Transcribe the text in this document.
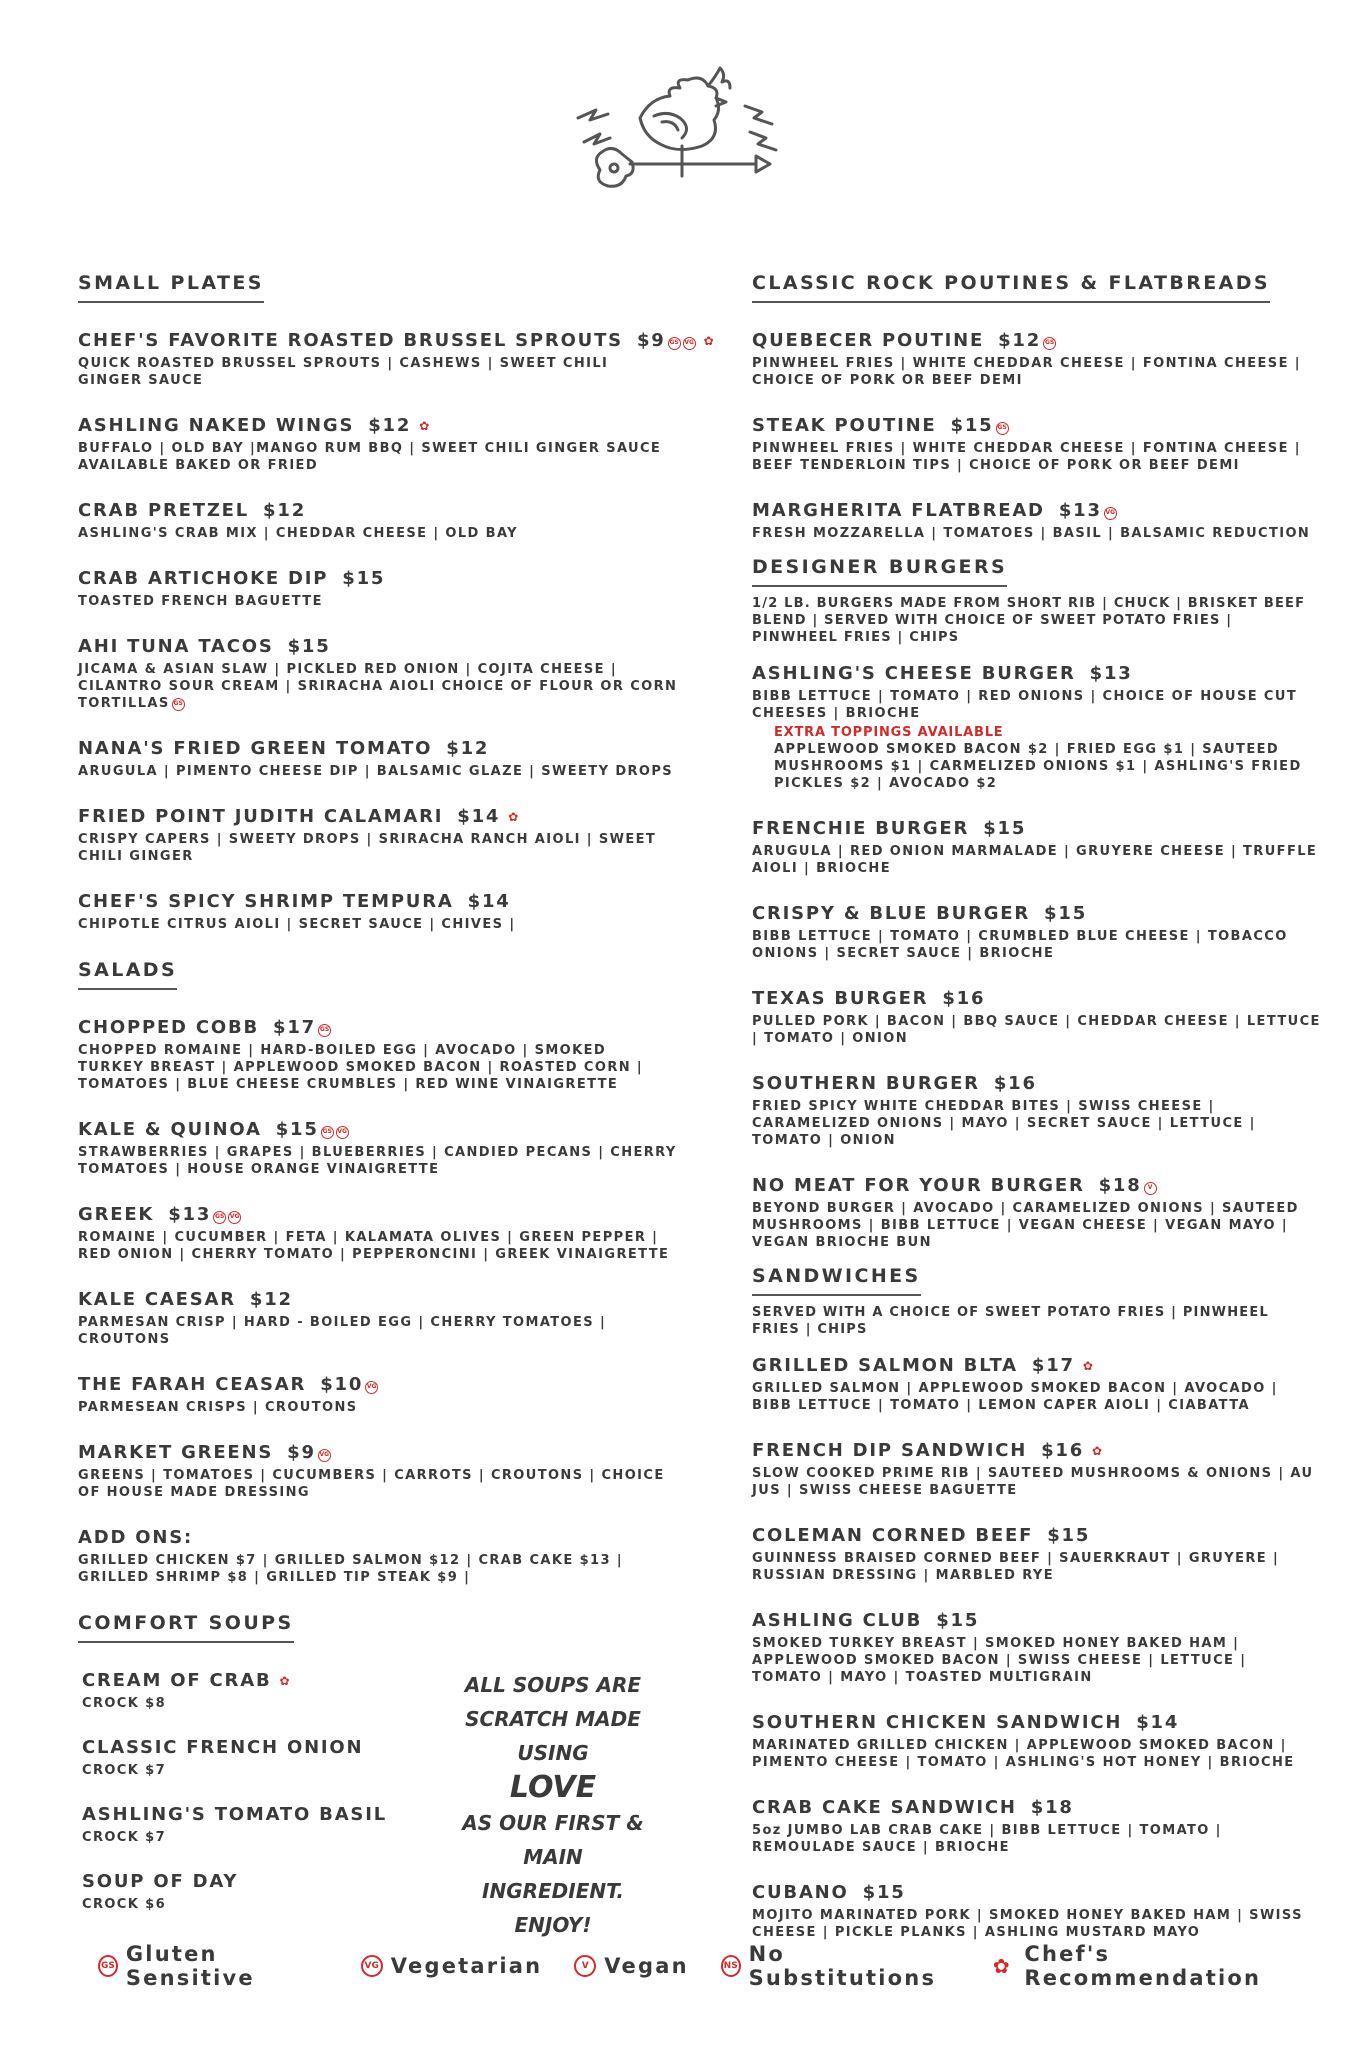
SMALL PLATES
CHEF'S FAVORITE ROASTED BRUSSEL SPROUTS $9 GS VG ✿
QUICK ROASTED BRUSSEL SPROUTS | CASHEWS | SWEET CHILI GINGER SAUCE
ASHLING NAKED WINGS $12 ✿
BUFFALO | OLD BAY |MANGO RUM BBQ | SWEET CHILI GINGER SAUCE AVAILABLE BAKED OR FRIED
CRAB PRETZEL $12
ASHLING'S CRAB MIX | CHEDDAR CHEESE | OLD BAY
CRAB ARTICHOKE DIP $15
TOASTED FRENCH BAGUETTE
AHI TUNA TACOS $15
JICAMA & ASIAN SLAW | PICKLED RED ONION | COJITA CHEESE | CILANTRO SOUR CREAM | SRIRACHA AIOLI CHOICE OF FLOUR OR CORN TORTILLAS GS
NANA'S FRIED GREEN TOMATO $12
ARUGULA | PIMENTO CHEESE DIP | BALSAMIC GLAZE | SWEETY DROPS
FRIED POINT JUDITH CALAMARI $14 ✿
CRISPY CAPERS | SWEETY DROPS | SRIRACHA RANCH AIOLI | SWEET CHILI GINGER
CHEF'S SPICY SHRIMP TEMPURA $14
CHIPOTLE CITRUS AIOLI | SECRET SAUCE | CHIVES |
SALADS
CHOPPED COBB $17 GS
CHOPPED ROMAINE | HARD-BOILED EGG | AVOCADO | SMOKED TURKEY BREAST | APPLEWOOD SMOKED BACON | ROASTED CORN | TOMATOES | BLUE CHEESE CRUMBLES | RED WINE VINAIGRETTE
KALE & QUINOA $15 GS VG
STRAWBERRIES | GRAPES | BLUEBERRIES | CANDIED PECANS | CHERRY TOMATOES | HOUSE ORANGE VINAIGRETTE
GREEK $13 GS VG
ROMAINE | CUCUMBER | FETA | KALAMATA OLIVES | GREEN PEPPER | RED ONION | CHERRY TOMATO | PEPPERONCINI | GREEK VINAIGRETTE
KALE CAESAR $12
PARMESAN CRISP | HARD - BOILED EGG | CHERRY TOMATOES | CROUTONS
THE FARAH CEASAR $10 VG
PARMESEAN CRISPS | CROUTONS
MARKET GREENS $9 VG
GREENS | TOMATOES | CUCUMBERS | CARROTS | CROUTONS | CHOICE OF HOUSE MADE DRESSING
ADD ONS:
GRILLED CHICKEN $7 | GRILLED SALMON $12 | CRAB CAKE $13 | GRILLED SHRIMP $8 | GRILLED TIP STEAK $9 |
COMFORT SOUPS
CREAM OF CRAB ✿
CROCK $8
CLASSIC FRENCH ONION
CROCK $7
ASHLING'S TOMATO BASIL
CROCK $7
SOUP OF DAY
CROCK $6
ALL SOUPS ARE
SCRATCH MADE USING
LOVE
AS OUR FIRST & MAIN
INGREDIENT.
ENJOY!
CLASSIC ROCK POUTINES & FLATBREADS
QUEBECER POUTINE $12 GS
PINWHEEL FRIES | WHITE CHEDDAR CHEESE | FONTINA CHEESE | CHOICE OF PORK OR BEEF DEMI
STEAK POUTINE $15 GS
PINWHEEL FRIES | WHITE CHEDDAR CHEESE | FONTINA CHEESE | BEEF TENDERLOIN TIPS | CHOICE OF PORK OR BEEF DEMI
MARGHERITA FLATBREAD $13 VG
FRESH MOZZARELLA | TOMATOES | BASIL | BALSAMIC REDUCTION
DESIGNER BURGERS
1/2 LB. BURGERS MADE FROM SHORT RIB | CHUCK | BRISKET BEEF BLEND | SERVED WITH CHOICE OF SWEET POTATO FRIES | PINWHEEL FRIES | CHIPS
ASHLING'S CHEESE BURGER $13
BIBB LETTUCE | TOMATO | RED ONIONS | CHOICE OF HOUSE CUT CHEESES | BRIOCHE
EXTRA TOPPINGS AVAILABLE
APPLEWOOD SMOKED BACON $2 | FRIED EGG $1 | SAUTEED MUSHROOMS $1 | CARMELIZED ONIONS $1 | ASHLING'S FRIED PICKLES $2 | AVOCADO $2
FRENCHIE BURGER $15
ARUGULA | RED ONION MARMALADE | GRUYERE CHEESE | TRUFFLE AIOLI | BRIOCHE
CRISPY & BLUE BURGER $15
BIBB LETTUCE | TOMATO | CRUMBLED BLUE CHEESE | TOBACCO ONIONS | SECRET SAUCE | BRIOCHE
TEXAS BURGER $16
PULLED PORK | BACON | BBQ SAUCE | CHEDDAR CHEESE | LETTUCE | TOMATO | ONION
SOUTHERN BURGER $16
FRIED SPICY WHITE CHEDDAR BITES | SWISS CHEESE | CARAMELIZED ONIONS | MAYO | SECRET SAUCE | LETTUCE | TOMATO | ONION
NO MEAT FOR YOUR BURGER $18 V
BEYOND BURGER | AVOCADO | CARAMELIZED ONIONS | SAUTEED MUSHROOMS | BIBB LETTUCE | VEGAN CHEESE | VEGAN MAYO | VEGAN BRIOCHE BUN
SANDWICHES
SERVED WITH A CHOICE OF SWEET POTATO FRIES | PINWHEEL FRIES | CHIPS
GRILLED SALMON BLTA $17 ✿
GRILLED SALMON | APPLEWOOD SMOKED BACON | AVOCADO | BIBB LETTUCE | TOMATO | LEMON CAPER AIOLI | CIABATTA
FRENCH DIP SANDWICH $16 ✿
SLOW COOKED PRIME RIB | SAUTEED MUSHROOMS & ONIONS | AU JUS | SWISS CHEESE BAGUETTE
COLEMAN CORNED BEEF $15
GUINNESS BRAISED CORNED BEEF | SAUERKRAUT | GRUYERE | RUSSIAN DRESSING | MARBLED RYE
ASHLING CLUB $15
SMOKED TURKEY BREAST | SMOKED HONEY BAKED HAM | APPLEWOOD SMOKED BACON | SWISS CHEESE | LETTUCE | TOMATO | MAYO | TOASTED MULTIGRAIN
SOUTHERN CHICKEN SANDWICH $14
MARINATED GRILLED CHICKEN | APPLEWOOD SMOKED BACON | PIMENTO CHEESE | TOMATO | ASHLING'S HOT HONEY | BRIOCHE
CRAB CAKE SANDWICH $18
5oz JUMBO LAB CRAB CAKE | BIBB LETTUCE | TOMATO | REMOULADE SAUCE | BRIOCHE
CUBANO $15
MOJITO MARINATED PORK | SMOKED HONEY BAKED HAM | SWISS CHEESE | PICKLE PLANKS | ASHLING MUSTARD MAYO
GS Gluten Sensitive	VG Vegetarian	V Vegan	NS No Substitutions	✿ Chef's Recommendation
